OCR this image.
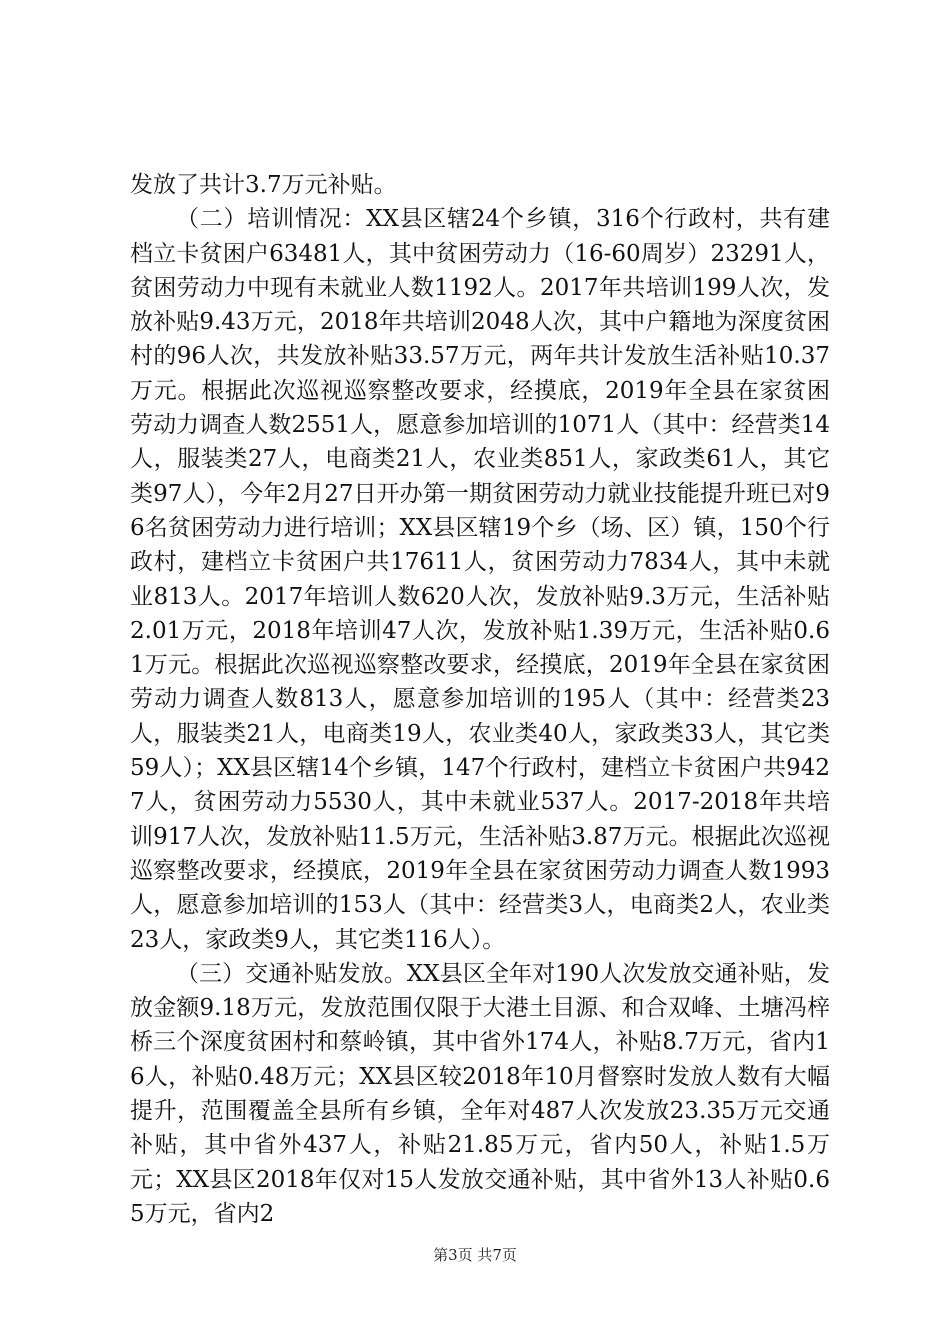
发放了共计3.7万元补贴。

（二）培训情况：XX县区辖24个乡镇，316个行政村，共有建档立卡贫困户63481人，其中贫困劳动力（16-60周岁）23291人，贫困劳动力中现有未就业人数1192人。2017年共培训199人次，发放补贴9.43万元，2018年共培训2048人次，其中户籍地为深度贫困村的96人次，共发放补贴33.57万元，两年共计发放生活补贴10.37万元。根据此次巡视巡察整改要求，经摸底，2019年全县在家贫困劳动力调查人数2551人，愿意参加培训的1071人（其中：经营类14人，服装类27人，电商类21人，农业类851人，家政类61人，其它类97人），今年2月27日开办第一期贫困劳动力就业技能提升班已对96名贫困劳动力进行培训；XX县区辖19个乡（场、区）镇，150个行政村，建档立卡贫困户共17611人，贫困劳动力7834人，其中未就业813人。2017年培训人数620人次，发放补贴9.3万元，生活补贴2.01万元，2018年培训47人次，发放补贴1.39万元，生活补贴0.61万元。根据此次巡视巡察整改要求，经摸底，2019年全县在家贫困劳动力调查人数813人，愿意参加培训的195人（其中：经营类23人，服装类21人，电商类19人，农业类40人，家政类33人，其它类59人）；XX县区辖14个乡镇，147个行政村，建档立卡贫困户共9427人，贫困劳动力5530人，其中未就业537人。2017-2018年共培训917人次，发放补贴11.5万元，生活补贴3.87万元。根据此次巡视巡察整改要求，经摸底，2019年全县在家贫困劳动力调查人数1993人，愿意参加培训的153人（其中：经营类3人，电商类2人，农业类23人，家政类9人，其它类116人）。

（三）交通补贴发放。XX县区全年对190人次发放交通补贴，发放金额9.18万元，发放范围仅限于大港土目源、和合双峰、土塘冯梓桥三个深度贫困村和蔡岭镇，其中省外174人，补贴8.7万元，省内16人，补贴0.48万元；XX县区较2018年10月督察时发放人数有大幅提升，范围覆盖全县所有乡镇，全年对487人次发放23.35万元交通补贴，其中省外437人，补贴21.85万元，省内50人，补贴1.5万元；XX县区2018年仅对15人发放交通补贴，其中省外13人补贴0.65万元，省内2

第3页 共7页
